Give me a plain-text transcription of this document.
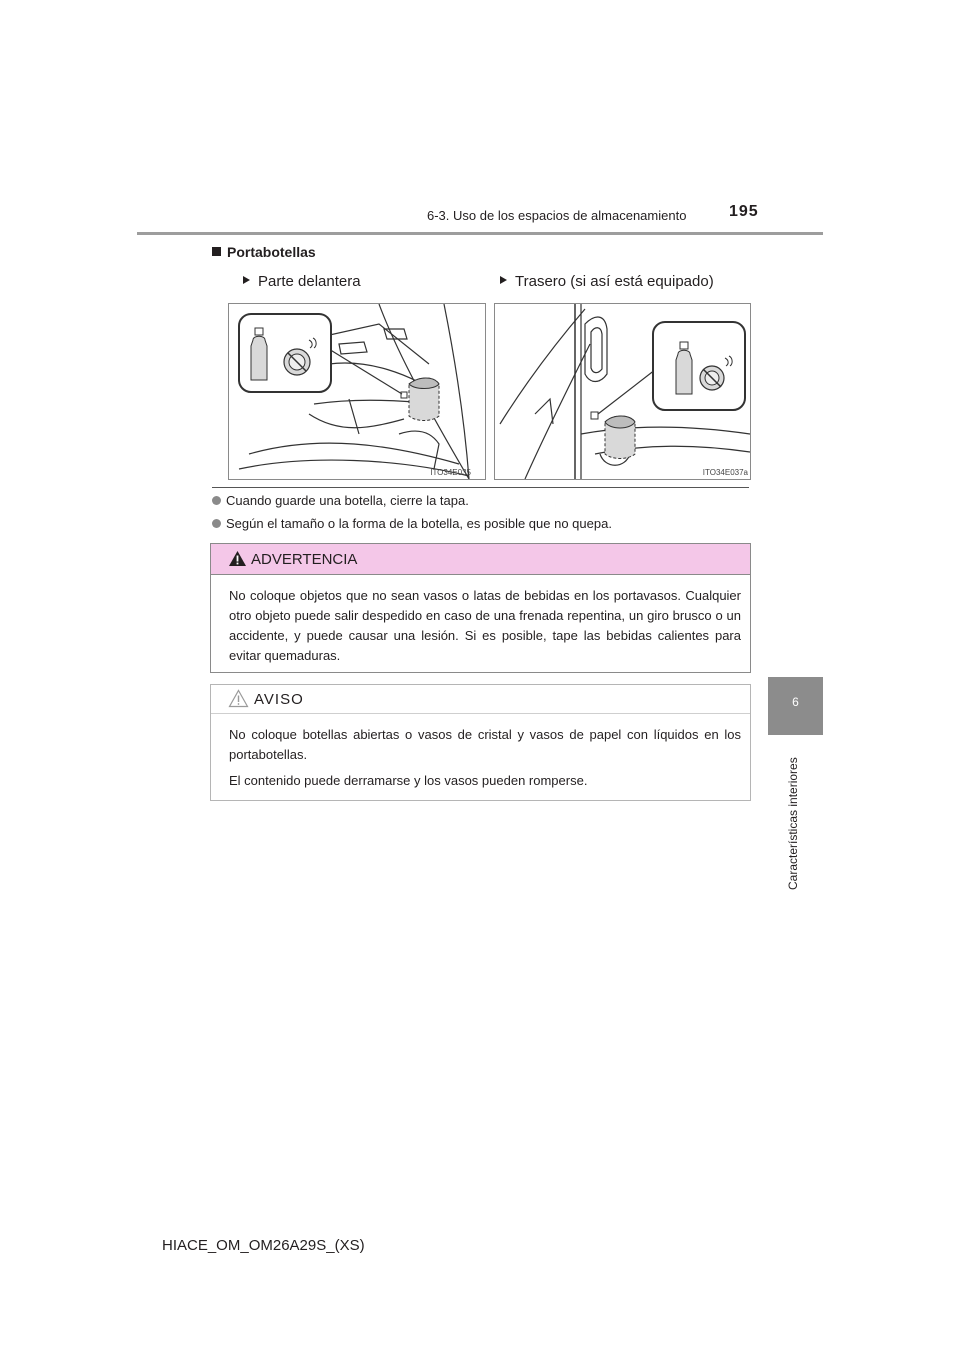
6-3. Uso de los espacios de almacenamiento	195
6
Características interiores
Portabotellas
Parte delantera	Trasero (si así está equipado)
ITO34E035	ITO34E037a
Cuando guarde una botella, cierre la tapa.
Según el tamaño o la forma de la botella, es posible que no quepa.
ADVERTENCIA

No coloque objetos que no sean vasos o latas de bebidas en los portavasos. Cualquier otro objeto puede salir despedido en caso de una frenada repentina, un giro brusco o un accidente, y puede causar una lesión. Si es posible, tape las bebidas calientes para evitar quemaduras.

AVISO

No coloque botellas abiertas o vasos de cristal y vasos de papel con líquidos en los portabotellas.

El contenido puede derramarse y los vasos pueden romperse.

HIACE_OM_OM26A29S_(XS)
